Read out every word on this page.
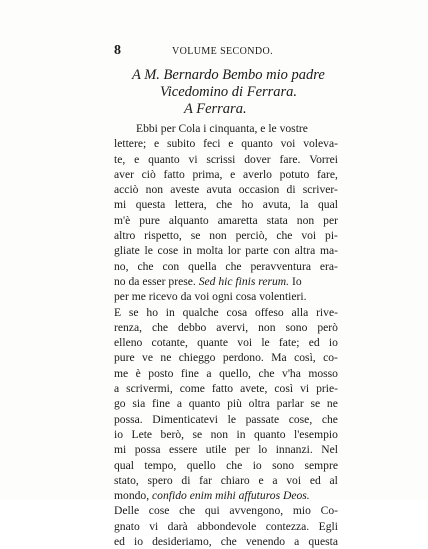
8	VOLUME SECONDO.
A M. Bernardo Bembo mio padre
Vicedomino di Ferrara.
A Ferrara.
Ebbi per Cola i cinquanta, e le vostre
lettere; e subito feci e quanto voi voleva-
te, e quanto vi scrissi dover fare. Vorrei
aver ciò fatto prima, e averlo potuto fare,
acciò non aveste avuta occasion di scriver-
mi questa lettera, che ho avuta, la qual
m'è pure alquanto amaretta stata non per
altro rispetto, se non perciò, che voi pi-
gliate le cose in molta lor parte con altra ma-
no, che con quella che peravventura era-
no da esser prese.
Sed hic finis rerum.
Io
per me ricevo da voi ogni cosa volentieri.
E se ho in qualche cosa offeso alla rive-
renza, che debbo avervi, non sono però
elleno cotante, quante voi le fate; ed io
pure ve ne chieggo perdono. Ma così, co-
me è posto fine a quello, che v'ha mosso
a scrivermi, come fatto avete, così vi prie-
go sia fine a quanto più oltra parlar se ne
possa. Dimenticatevi le passate cose, che
io Lete berò, se non in quanto l'esempio
mi possa essere utile per lo innanzi. Nel
qual tempo, quello che io sono sempre
stato, spero di far chiaro e a voi ed al
mondo,
confido enim mihi affuturos Deos.
Delle cose che qui avvengono, mio Co-
gnato vi darà abbondevole contezza. Egli
ed io desideriamo, che venendo a questa
